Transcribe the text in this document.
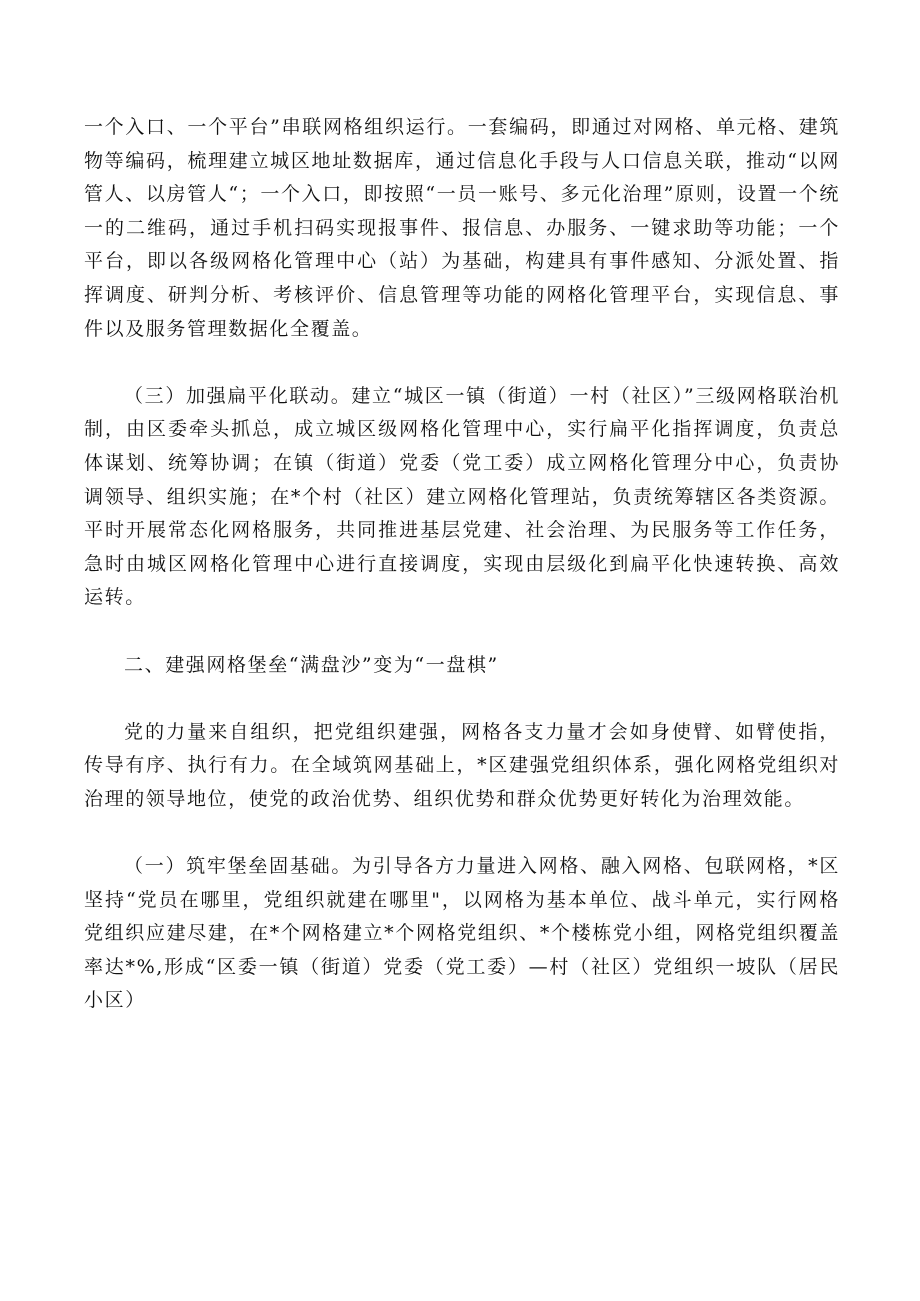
一个入口、一个平台”串联网格组织运行。一套编码，即通过对网格、单元格、建筑物等编码，梳理建立城区地址数据库，通过信息化手段与人口信息关联，推动“以网管人、以房管人“；一个入口，即按照“一员一账号、多元化治理”原则，设置一个统一的二维码，通过手机扫码实现报事件、报信息、办服务、一键求助等功能；一个平台，即以各级网格化管理中心（站）为基础，构建具有事件感知、分派处置、指挥调度、研判分析、考核评价、信息管理等功能的网格化管理平台，实现信息、事件以及服务管理数据化全覆盖。

（三）加强扁平化联动。建立“城区一镇（街道）一村（社区）”三级网格联治机制，由区委牵头抓总，成立城区级网格化管理中心，实行扁平化指挥调度，负责总体谋划、统筹协调；在镇（街道）党委（党工委）成立网格化管理分中心，负责协调领导、组织实施；在*个村（社区）建立网格化管理站，负责统筹辖区各类资源。平时开展常态化网格服务，共同推进基层党建、社会治理、为民服务等工作任务，急时由城区网格化管理中心进行直接调度，实现由层级化到扁平化快速转换、高效运转。

二、建强网格堡垒“满盘沙”变为“一盘棋”

党的力量来自组织，把党组织建强，网格各支力量才会如身使臂、如臂使指，传导有序、执行有力。在全域筑网基础上，*区建强党组织体系，强化网格党组织对治理的领导地位，使党的政治优势、组织优势和群众优势更好转化为治理效能。

（一）筑牢堡垒固基础。为引导各方力量进入网格、融入网格、包联网格，*区坚持“党员在哪里，党组织就建在哪里"，以网格为基本单位、战斗单元，实行网格党组织应建尽建，在*个网格建立*个网格党组织、*个楼栋党小组，网格党组织覆盖率达*%,形成“区委一镇（街道）党委（党工委）—村（社区）党组织一坡队（居民小区）
